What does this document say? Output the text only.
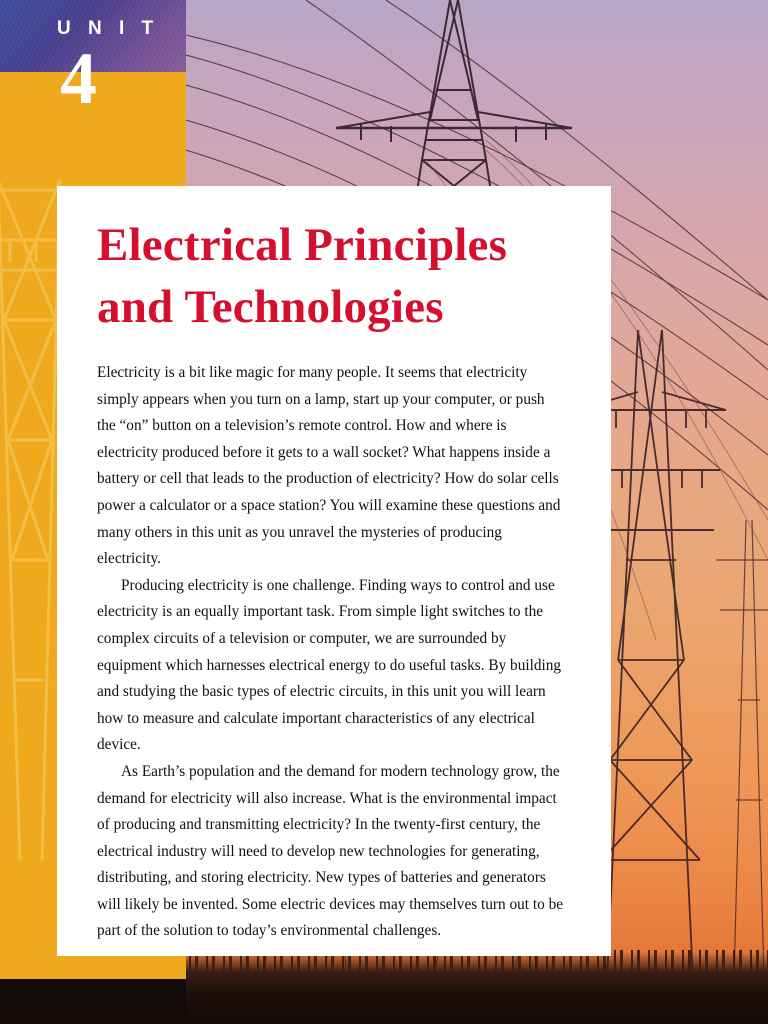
U N I T
4
Electrical Principles and Technologies

Electricity is a bit like magic for many people. It seems that electricity simply appears when you turn on a lamp, start up your computer, or push the “on” button on a television’s remote control. How and where is electricity produced before it gets to a wall socket? What happens inside a battery or cell that leads to the production of electricity? How do solar cells power a calculator or a space station? You will examine these questions and many others in this unit as you unravel the mysteries of producing electricity.

Producing electricity is one challenge. Finding ways to control and use electricity is an equally important task. From simple light switches to the complex circuits of a television or computer, we are surrounded by equipment which harnesses electrical energy to do useful tasks. By building and studying the basic types of electric circuits, in this unit you will learn how to measure and calculate important characteristics of any electrical device.

As Earth’s population and the demand for modern technology grow, the demand for electricity will also increase. What is the environmental impact of producing and transmitting electricity? In the twenty-first century, the electrical industry will need to develop new technologies for generating, distributing, and storing electricity. New types of batteries and generators will likely be invented. Some electric devices may themselves turn out to be part of the solution to today’s environmental challenges.
